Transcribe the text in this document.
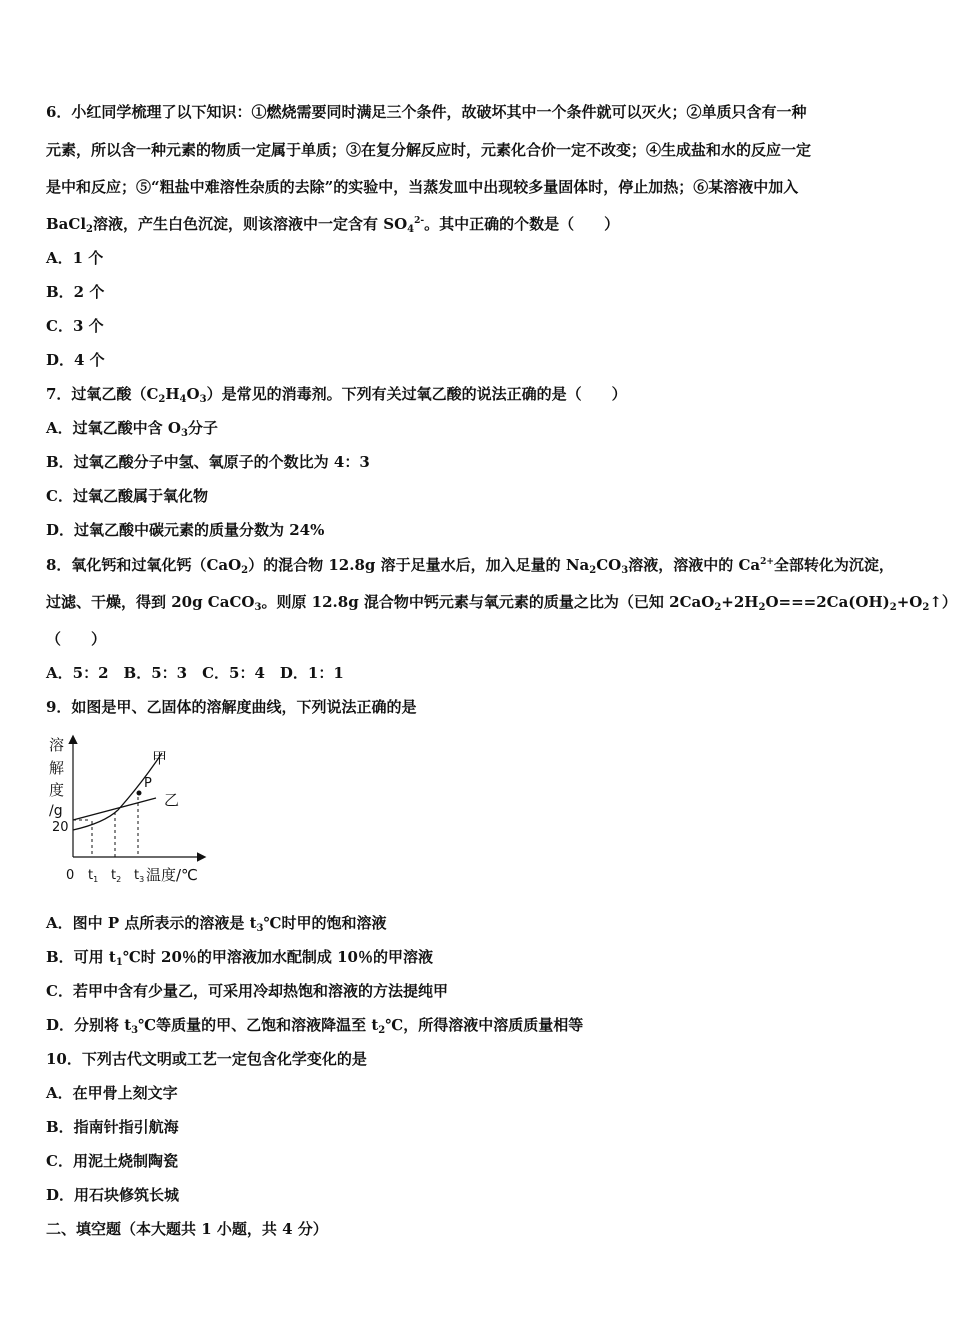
6．小红同学梳理了以下知识：①燃烧需要同时满足三个条件，故破坏其中一个条件就可以灭火；②单质只含有一种
元素，所以含一种元素的物质一定属于单质；③在复分解反应时，元素化合价一定不改变；④生成盐和水的反应一定
是中和反应；⑤“粗盐中难溶性杂质的去除”的实验中，当蒸发皿中出现较多量固体时，停止加热；⑥某溶液中加入
BaCl$_2$溶液，产生白色沉淀，则该溶液中一定含有 $SO_4^{2-}$。其中正确的个数是（　　）
A．1 个
B．2 个
C．3 个
D．4 个
7．过氧乙酸$(C_2H_4O_3)$是常见的消毒剂。下列有关过氧乙酸的说法正确的是（　　）
A．过氧乙酸中含 $O_3$分子
B．过氧乙酸分子中氢、氧原子的个数比为 4：3
C．过氧乙酸属于氧化物
D．过氧乙酸中碳元素的质量分数为 24%
8．氧化钙和过氧化钙（CaO$_2$）的混合物 12.8g 溶于足量水后，加入足量的 $Na_2CO_3$溶液，溶液中的 $Ca^{2+}$全部转化为沉淀，
过滤、干燥，得到 20g CaCO$_3$。则原 12.8g 混合物中钙元素与氧元素的质量之比为（已知 $2CaO_2+2H_2O===2Ca(OH)_2+O_2↑$）
（　　）
A．5：2　B．5：3　C．5：4　D．1：1
9．如图是甲、乙固体的溶解度曲线，下列说法正确的是
溶
解
度
/g
20
P
甲
乙
0 $t_1$ $t_2$ $t_3$ 温度/℃
A．图中 P 点所表示的溶液是 $t_3℃$时甲的饱和溶液
B．可用 $t_1℃$时 20％的甲溶液加水配制成 10％的甲溶液
C．若甲中含有少量乙，可采用冷却热饱和溶液的方法提纯甲
D．分别将 $t_3℃$等质量的甲、乙饱和溶液降温至 $t_2℃$，所得溶液中溶质质量相等
10．下列古代文明或工艺一定包含化学变化的是
A．在甲骨上刻文字
B．指南针指引航海
C．用泥土烧制陶瓷
D．用石块修筑长城
二、填空题（本大题共 1 小题，共 4 分）
